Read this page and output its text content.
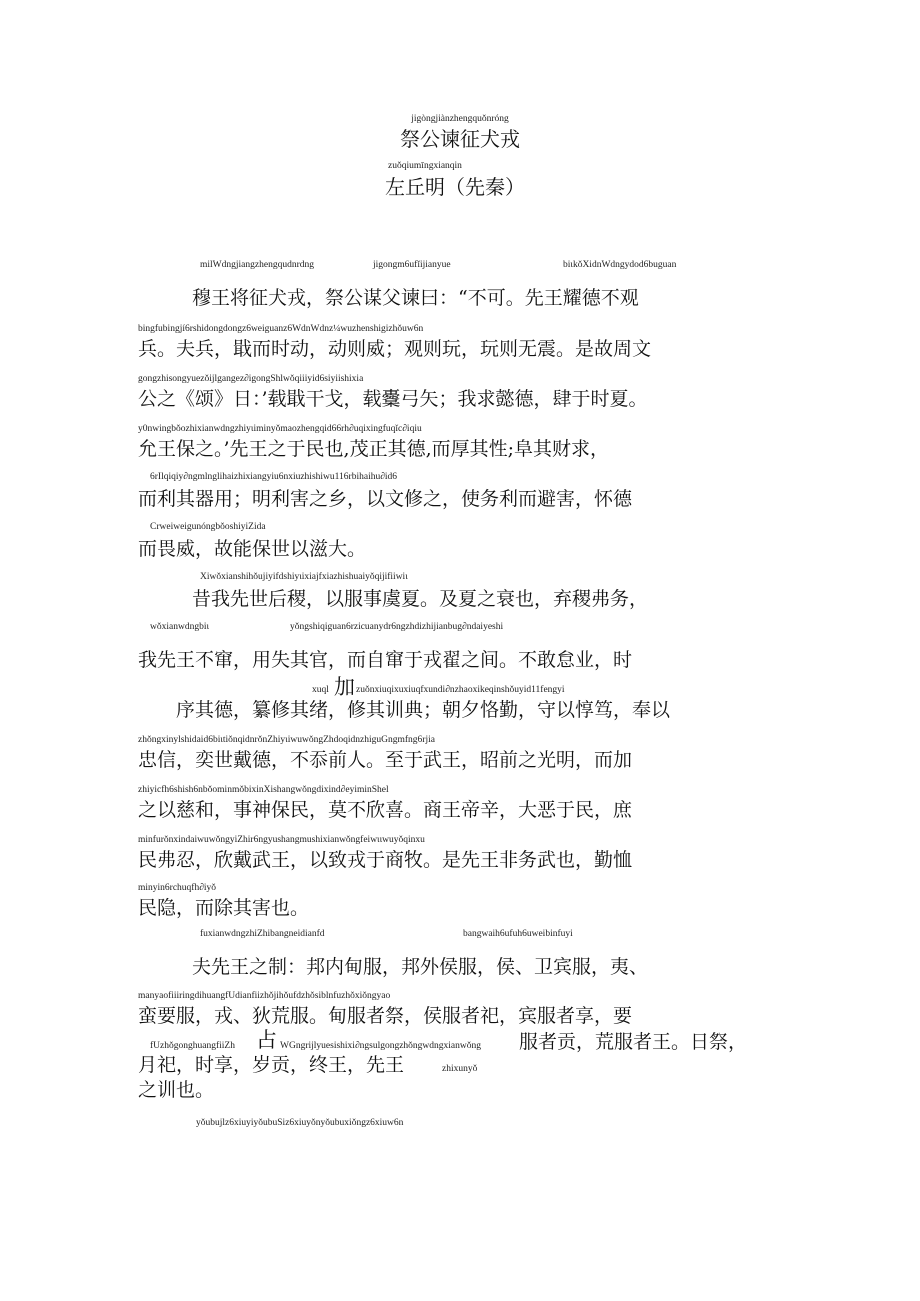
jigòngjiànzhengquǒnróng
祭公谏征犬戎
zuǒqiumīngxianqin
左丘明（先秦）
milWdngjiangzhengqudnrdng	jigongm6ufǐijianyue	biιkǒXidnWdngydod6buguan
穆王将征犬戎，祭公谋父谏曰：“不可。先王耀德不观
bingfubingjí6rshidongdongz6weiguanz6WdnWdnz¼wuzhenshigizhǒuw6n
兵。夫兵，戢而时动，动则威；观则玩，玩则无震。是故周文
gongzhisongyuezǒijlgangez∂igongShlwǒqiiiyid6siyiishixia
公之《颂》日：’载戢干戈，载櫜弓矢；我求懿德，肆于时夏。
y0nwingbǒozhixianwdngzhiyιiminyǒmaozhengqid66rh∂uqixingfuqǐc∂iqiu
允王保之。’先王之于民也,茂正其德,而厚其性;阜其财求，
6rIlqiqiy∂ngmlnglihaizhixiangyiu6nxiuzhishiwu116rbihaihu∂id6
而利其器用；明利害之乡，以文修之，使务利而避害，怀德
CrweiweigunóngbǒoshiyiZida
而畏威，故能保世以滋大。
Xiwǒxianshihǒujiyifdshiyιixiajfxiazhishuaiyǒqijifiiwiι
昔我先世后稷，以服事虞夏。及夏之衰也，弃稷弗务，
wǒxianwdngbiι	yǒngshiqiguan6rzicuanydr6ngzhdizhijianbug∂ndaiyeshi
我先王不窜，用失其官，而自窜于戎翟之间。不敢怠业，时
xuql 加 zuǒnxiuqixuxiuqfxundi∂nzhaoxikeqinshǒuyid11fengyi
序其德，纂修其绪，修其训典；朝夕恪勤，守以惇笃，奉以
zhǒngxinylshidaid6biιtiǒnqidnrǒnZhiyιiwuwǒngZhdoqidnzhiguGngmfng6rjia
忠信，奕世戴德，不忝前人。至于武王，昭前之光明，而加
zhiyicfh6shish6nbǒominmǒbixinXishangwǒngdixind∂eyiminShel
之以慈和，事神保民，莫不欣喜。商王帝辛，大恶于民，庶
minfurǒnxindaiwuwǒngyiZhir6ngyushangmushixianwǒngfeiwιιwuyǒqinxu
民弗忍，欣戴武王，以致戎于商牧。是先王非务武也，勤恤
minyin6rchuqfh∂iyǒ
民隐，而除其害也。
fuxianwdngzhiZhibangneidianfd	bangwaih6ufuh6uweibinfuyi
夫先王之制：邦内甸服，邦外侯服，侯、卫宾服，夷、
manyaofiiiringdihuangfUdianfiizhǒjihǒufdzhǒsiblnfuzhǒxiǒngyao
蛮要服，戎、狄荒服。甸服者祭，侯服者祀，宾服者享，要
fUzhǒgonghuangfiiZh 占 WGngrijlyuesishixi∂ngsulgongzhǒngwdngxianwǒng 服者贡，荒服者王。日祭，
月祀，时享，岁贡，终王，先王	zhixunyǒ
之训也。
yǒubujlz6xiuyiyǒubuSiz6xiuyǒnyǒubuxiǒngz6xiuw6n
